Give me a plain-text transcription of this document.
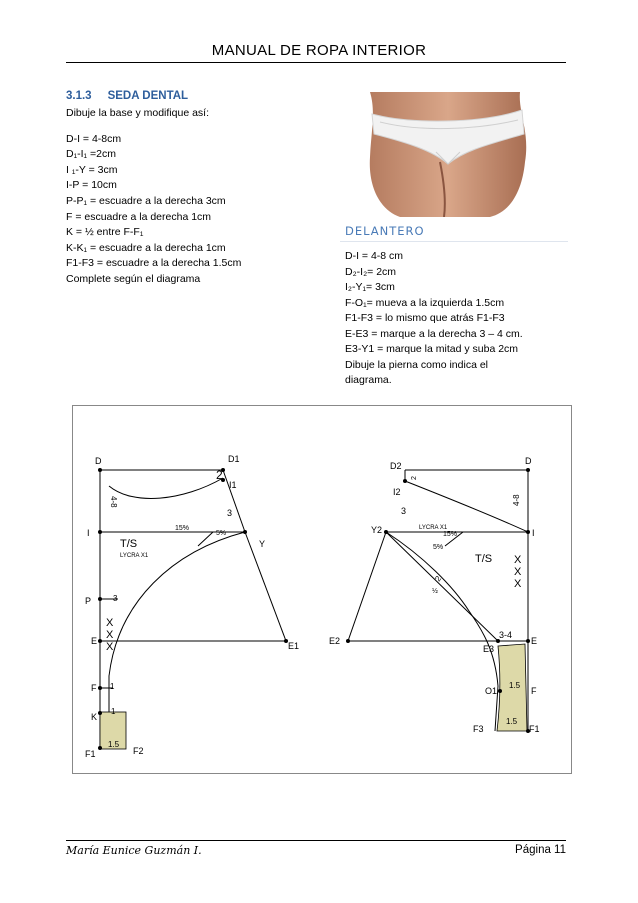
MANUAL DE ROPA INTERIOR
3.1.3 SEDA DENTAL
Dibuje la base y modifique así:
D-I = 4-8cm
D₁-I₁ =2cm
I ₁-Y = 3cm
I-P = 10cm
P-P₁ = escuadre a la derecha 3cm
F = escuadre a la derecha 1cm
K = ½ entre F-F₁
K-K₁ = escuadre a la derecha 1cm
F1-F3 = escuadre a la derecha 1.5cm
Complete según el diagrama
DELANTERO
D-I = 4-8 cm
D₂-I₂= 2cm
I₂-Y₁= 3cm
F-O₁= mueva a la izquierda 1.5cm
F1-F3 = lo mismo que atrás F1-F3
E-E3 = marque a la derecha 3 – 4 cm.
E3-Y1 = marque la mitad y suba 2cm
Dibuje la pierna como indica el
diagrama.
D	D1
2
I1
4-8
3
I	15%
5%
Y
T/S
LYCRA X1
P	3
E
X
X
X	E1
F 1
K
1
1.5
F1	F2
D2	D
2
I2
4-8
3
Y2	LYCRA X1
15%
5%
I
T/S X
X
X
2
½
E2
E3
3-4
E
O1
1.5
F
1.5
F3	F1
María Eunice Guzmán I.	Página 11
